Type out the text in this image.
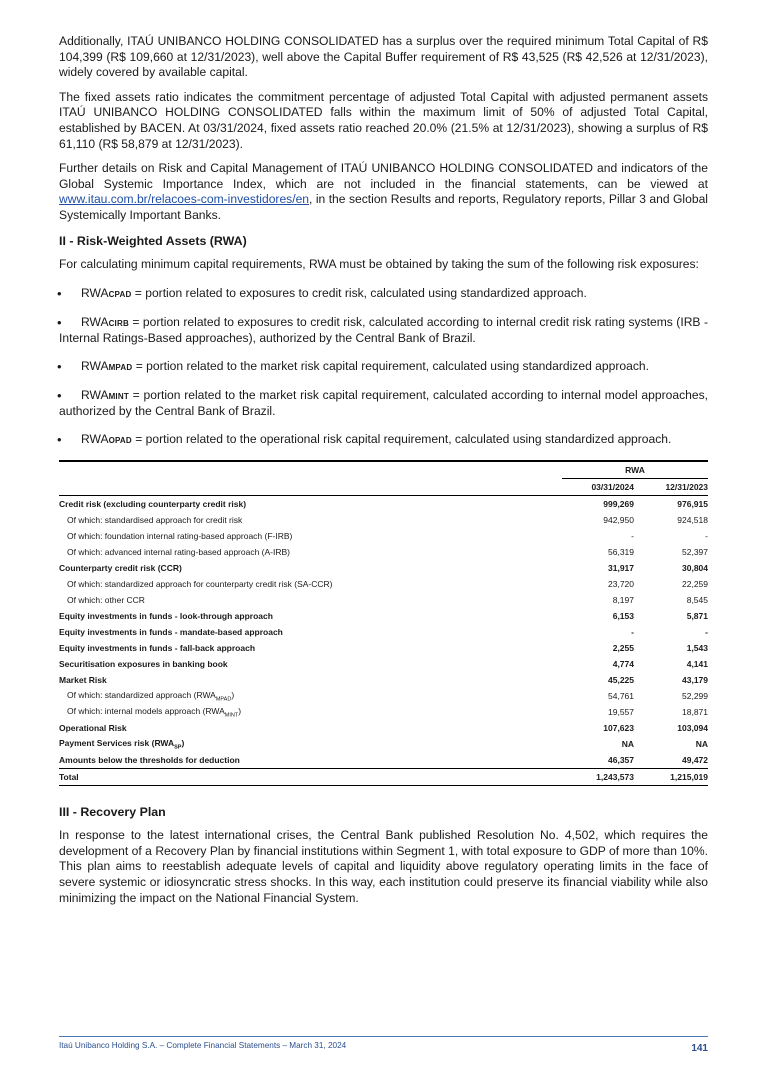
Additionally, ITAÚ UNIBANCO HOLDING CONSOLIDATED has a surplus over the required minimum Total Capital of R$ 104,399 (R$ 109,660 at 12/31/2023), well above the Capital Buffer requirement of R$ 43,525 (R$ 42,526 at 12/31/2023), widely covered by available capital.

The fixed assets ratio indicates the commitment percentage of adjusted Total Capital with adjusted permanent assets ITAÚ UNIBANCO HOLDING CONSOLIDATED falls within the maximum limit of 50% of adjusted Total Capital, established by BACEN. At 03/31/2024, fixed assets ratio reached 20.0% (21.5% at 12/31/2023), showing a surplus of R$ 61,110 (R$ 58,879 at 12/31/2023).

Further details on Risk and Capital Management of ITAÚ UNIBANCO HOLDING CONSOLIDATED and indicators of the Global Systemic Importance Index, which are not included in the financial statements, can be viewed at www.itau.com.br/relacoes-com-investidores/en, in the section Results and reports, Regulatory reports, Pillar 3 and Global Systemically Important Banks.

II - Risk-Weighted Assets (RWA)

For calculating minimum capital requirements, RWA must be obtained by taking the sum of the following risk exposures:

• RWACPAD = portion related to exposures to credit risk, calculated using standardized approach.

• RWACIRB = portion related to exposures to credit risk, calculated according to internal credit risk rating systems (IRB - Internal Ratings-Based approaches), authorized by the Central Bank of Brazil.

• RWAMPAD = portion related to the market risk capital requirement, calculated using standardized approach.

• RWAMINT = portion related to the market risk capital requirement, calculated according to internal model approaches, authorized by the Central Bank of Brazil.

• RWAOPAD = portion related to the operational risk capital requirement, calculated using standardized approach.

RWA
03/31/2024	12/31/2023
Credit risk (excluding counterparty credit risk)	999,269	976,915
Of which: standardised approach for credit risk	942,950	924,518
Of which: foundation internal rating-based approach (F-IRB)	-	-
Of which: advanced internal rating-based approach (A-IRB)	56,319	52,397
Counterparty credit risk (CCR)	31,917	30,804
Of which: standardized approach for counterparty credit risk (SA-CCR)	23,720	22,259
Of which: other CCR	8,197	8,545
Equity investments in funds - look-through approach	6,153	5,871
Equity investments in funds - mandate-based approach	-	-
Equity investments in funds - fall-back approach	2,255	1,543
Securitisation exposures in banking book	4,774	4,141
Market Risk	45,225	43,179
Of which: standardized approach $(RWA_{MPAD})$	54,761	52,299
Of which: internal models approach $(RWA_{MINT})$	19,557	18,871
Operational Risk	107,623	103,094
Payment Services risk $(RWA_{SP})$	NA	NA
Amounts below the thresholds for deduction	46,357	49,472
Total	1,243,573	1,215,019
III - Recovery Plan

In response to the latest international crises, the Central Bank published Resolution No. 4,502, which requires the development of a Recovery Plan by financial institutions within Segment 1, with total exposure to GDP of more than 10%. This plan aims to reestablish adequate levels of capital and liquidity above regulatory operating limits in the face of severe systemic or idiosyncratic stress shocks. In this way, each institution could preserve its financial viability while also minimizing the impact on the National Financial System.

Itaú Unibanco Holding S.A. – Complete Financial Statements – March 31, 2024	141
